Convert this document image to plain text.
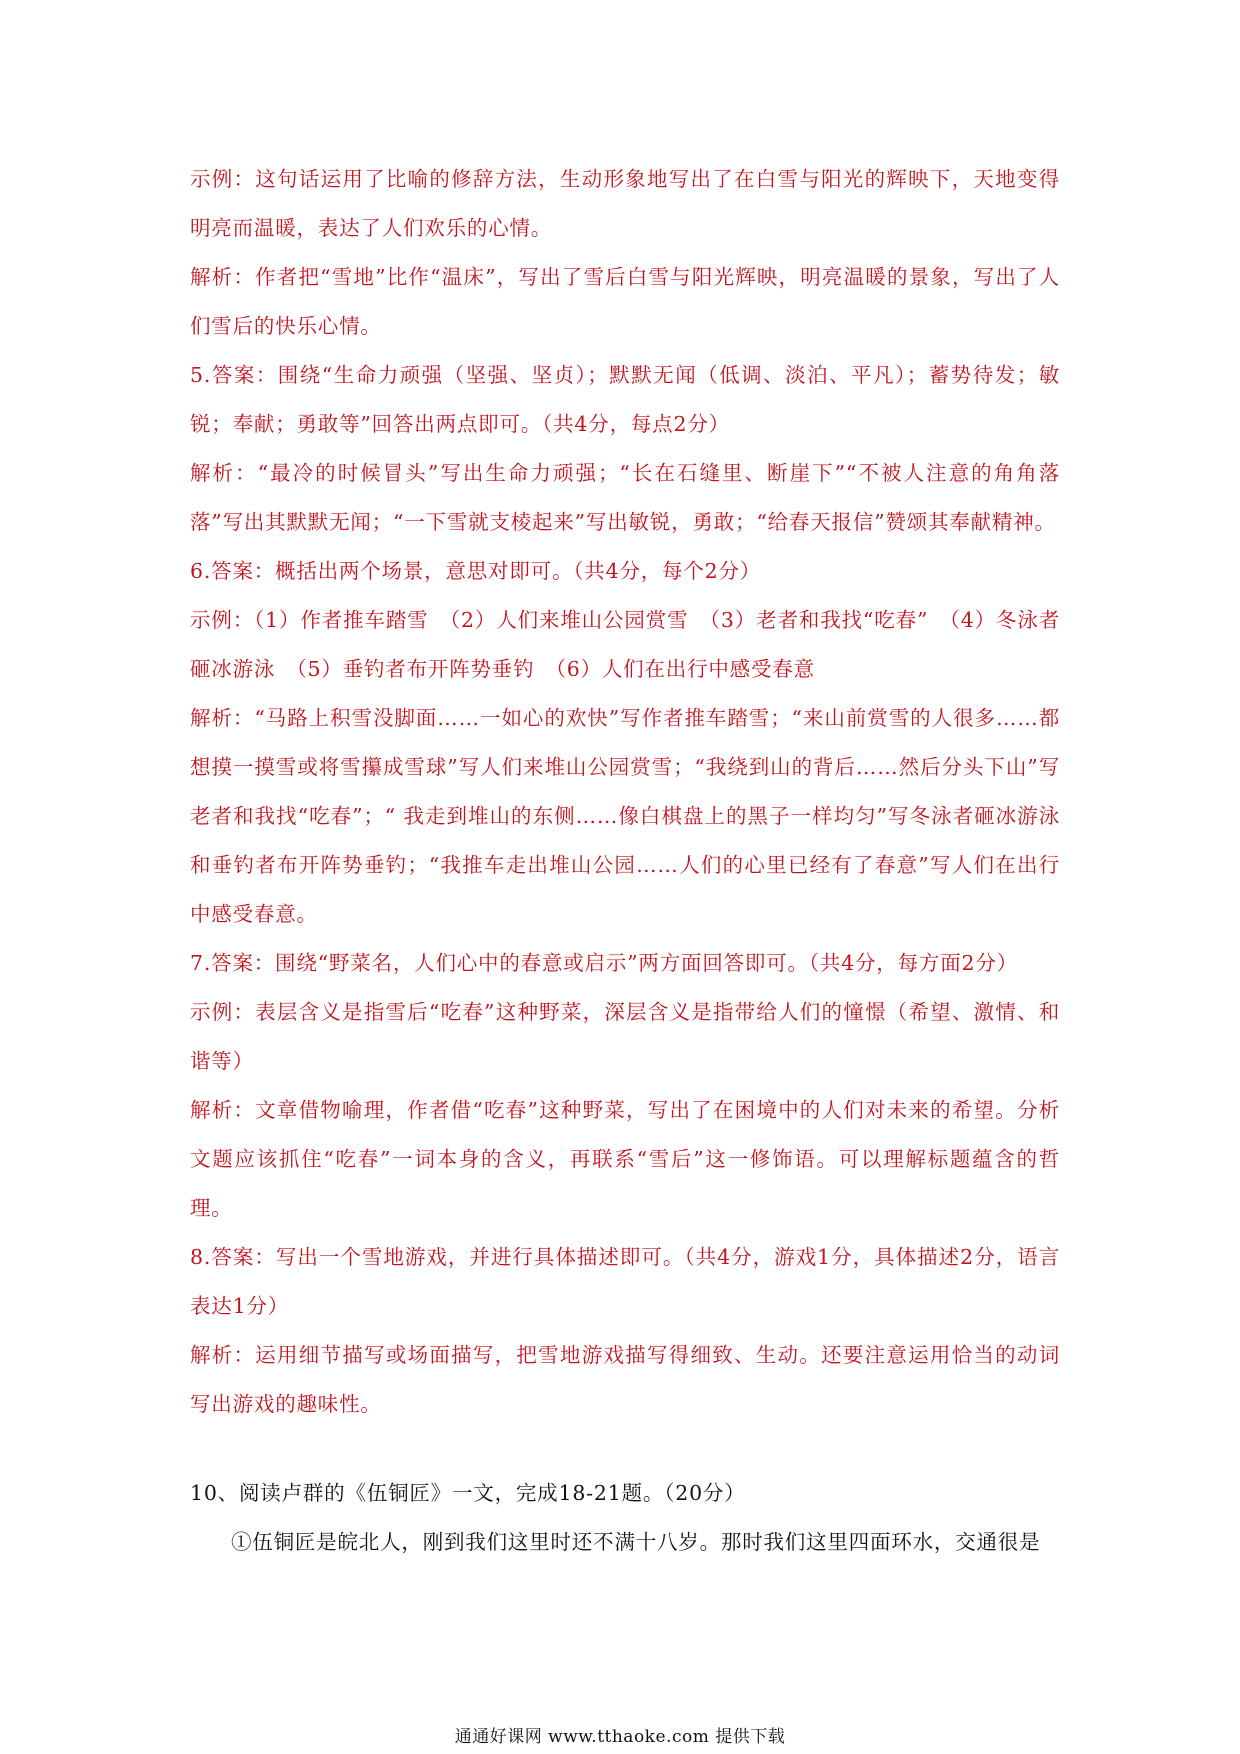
示例：这句话运用了比喻的修辞方法，生动形象地写出了在白雪与阳光的辉映下，天地变得明亮而温暖，表达了人们欢乐的心情。

解析：作者把“雪地”比作“温床”，写出了雪后白雪与阳光辉映，明亮温暖的景象，写出了人们雪后的快乐心情。

5.答案：围绕“生命力顽强（坚强、坚贞）；默默无闻（低调、淡泊、平凡）；蓄势待发；敏锐；奉献；勇敢等”回答出两点即可。（共4分，每点2分）

解析：“最冷的时候冒头”写出生命力顽强；“长在石缝里、断崖下”“不被人注意的角角落落”写出其默默无闻；“一下雪就支棱起来”写出敏锐，勇敢；“给春天报信”赞颂其奉献精神。

6.答案：概括出两个场景，意思对即可。（共4分，每个2分）

示例：（1）作者推车踏雪　（2）人们来堆山公园赏雪　（3）老者和我找“吃春”　（4）冬泳者砸冰游泳　（5）垂钓者布开阵势垂钓　（6）人们在出行中感受春意

解析：“马路上积雪没脚面……一如心的欢快”写作者推车踏雪；“来山前赏雪的人很多……都想摸一摸雪或将雪攥成雪球”写人们来堆山公园赏雪；“我绕到山的背后……然后分头下山”写老者和我找“吃春”；“ 我走到堆山的东侧……像白棋盘上的黑子一样均匀”写冬泳者砸冰游泳和垂钓者布开阵势垂钓；“我推车走出堆山公园……人们的心里已经有了春意”写人们在出行中感受春意。

7.答案：围绕“野菜名，人们心中的春意或启示”两方面回答即可。（共4分，每方面2分）

示例：表层含义是指雪后“吃春”这种野菜，深层含义是指带给人们的憧憬（希望、激情、和谐等）

解析：文章借物喻理，作者借“吃春”这种野菜，写出了在困境中的人们对未来的希望。分析文题应该抓住“吃春”一词本身的含义，再联系“雪后”这一修饰语。可以理解标题蕴含的哲理。

8.答案：写出一个雪地游戏，并进行具体描述即可。（共4分，游戏1分，具体描述2分，语言表达1分）

解析：运用细节描写或场面描写，把雪地游戏描写得细致、生动。还要注意运用恰当的动词写出游戏的趣味性。

10、阅读卢群的《伍铜匠》一文，完成18-21题。（20分）

①伍铜匠是皖北人，刚到我们这里时还不满十八岁。那时我们这里四面环水，交通很是

通通好课网 www.tthaoke.com 提供下载
